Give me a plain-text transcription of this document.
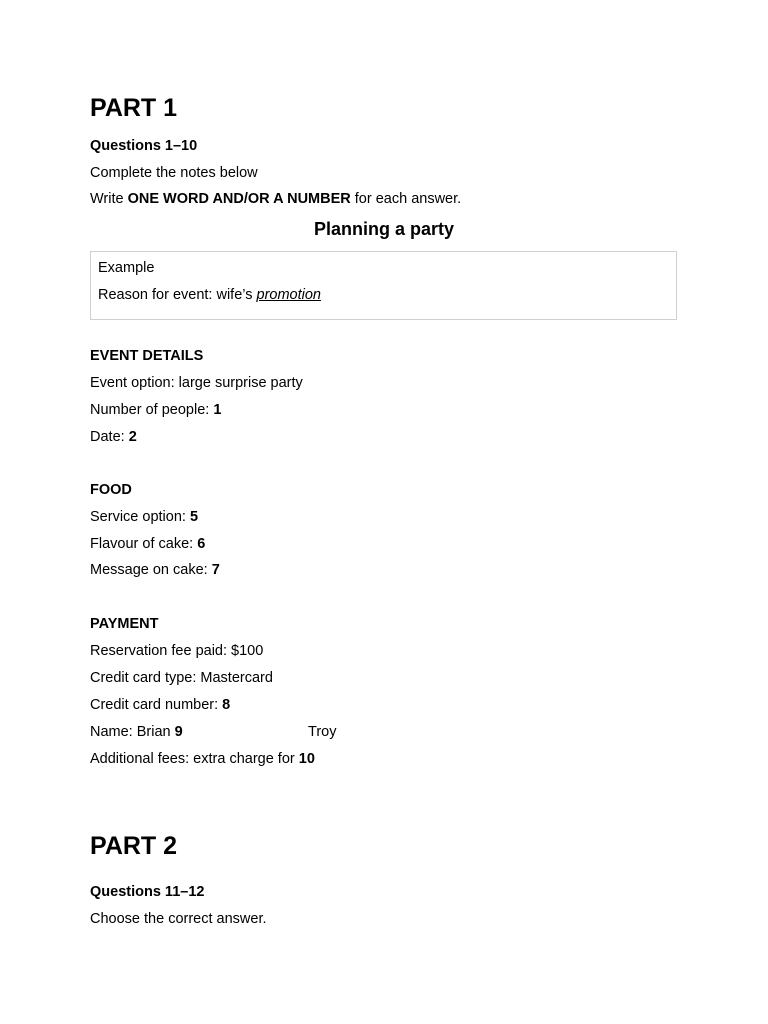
PART 1
Questions 1–10
Complete the notes below
Write ONE WORD AND/OR A NUMBER for each answer.
Planning a party
Example
Reason for event: wife’s promotion
EVENT DETAILS
Event option: large surprise party
Number of people: 1
Date: 2
FOOD
Service option: 5
Flavour of cake: 6
Message on cake: 7
PAYMENT
Reservation fee paid: $100
Credit card type: Mastercard
Credit card number: 8
Name: Brian 9	Troy
Additional fees: extra charge for 10
PART 2
Questions 11–12
Choose the correct answer.
